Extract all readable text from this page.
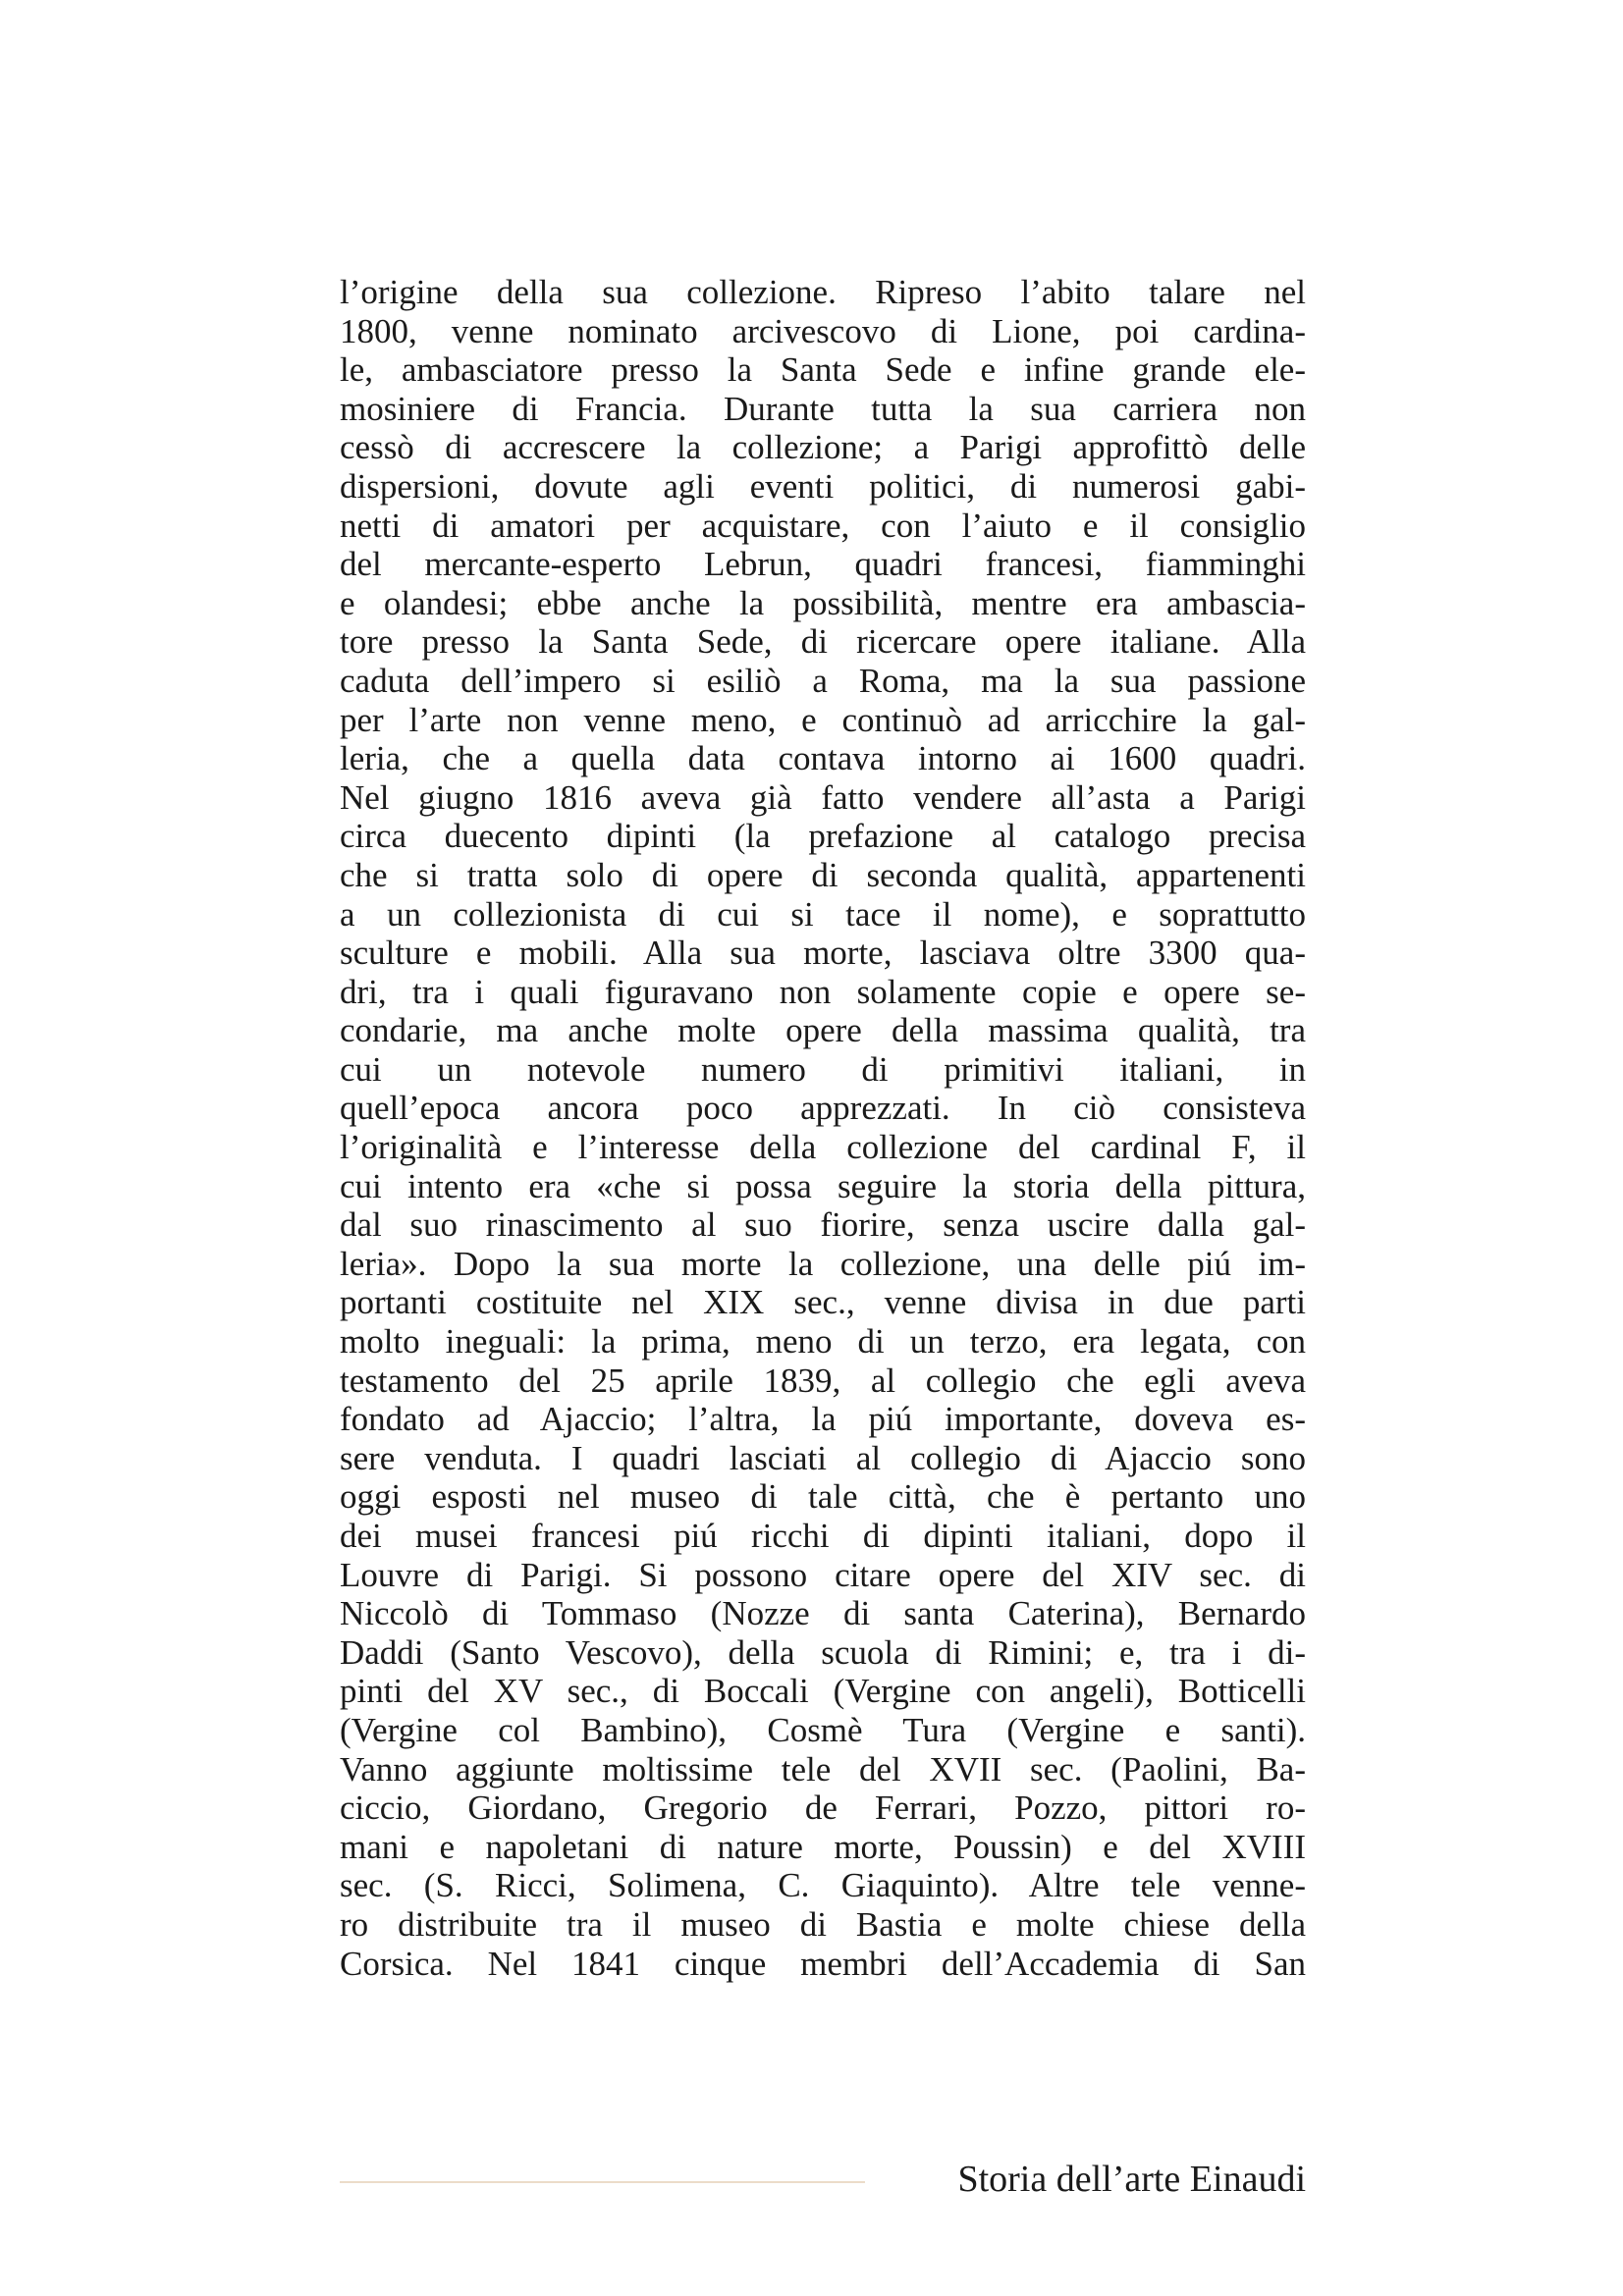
l’origine della sua collezione. Ripreso l’abito talare nel
1800, venne nominato arcivescovo di Lione, poi cardina-
le, ambasciatore presso la Santa Sede e infine grande ele-
mosiniere di Francia. Durante tutta la sua carriera non
cessò di accrescere la collezione; a Parigi approfittò delle
dispersioni, dovute agli eventi politici, di numerosi gabi-
netti di amatori per acquistare, con l’aiuto e il consiglio
del mercante-esperto Lebrun, quadri francesi, fiamminghi
e olandesi; ebbe anche la possibilità, mentre era ambascia-
tore presso la Santa Sede, di ricercare opere italiane. Alla
caduta dell’impero si esiliò a Roma, ma la sua passione
per l’arte non venne meno, e continuò ad arricchire la gal-
leria, che a quella data contava intorno ai 1600 quadri.
Nel giugno 1816 aveva già fatto vendere all’asta a Parigi
circa duecento dipinti (la prefazione al catalogo precisa
che si tratta solo di opere di seconda qualità, appartenenti
a un collezionista di cui si tace il nome), e soprattutto
sculture e mobili. Alla sua morte, lasciava oltre 3300 qua-
dri, tra i quali figuravano non solamente copie e opere se-
condarie, ma anche molte opere della massima qualità, tra
cui un notevole numero di primitivi italiani, in
quell’epoca ancora poco apprezzati. In ciò consisteva
l’originalità e l’interesse della collezione del cardinal F, il
cui intento era «che si possa seguire la storia della pittura,
dal suo rinascimento al suo fiorire, senza uscire dalla gal-
leria». Dopo la sua morte la collezione, una delle piú im-
portanti costituite nel XIX sec., venne divisa in due parti
molto ineguali: la prima, meno di un terzo, era legata, con
testamento del 25 aprile 1839, al collegio che egli aveva
fondato ad Ajaccio; l’altra, la piú importante, doveva es-
sere venduta. I quadri lasciati al collegio di Ajaccio sono
oggi esposti nel museo di tale città, che è pertanto uno
dei musei francesi piú ricchi di dipinti italiani, dopo il
Louvre di Parigi. Si possono citare opere del XIV sec. di
Niccolò di Tommaso (Nozze di santa Caterina), Bernardo
Daddi (Santo Vescovo), della scuola di Rimini; e, tra i di-
pinti del XV sec., di Boccali (Vergine con angeli), Botticelli
(Vergine col Bambino), Cosmè Tura (Vergine e santi).
Vanno aggiunte moltissime tele del XVII sec. (Paolini, Ba-
ciccio, Giordano, Gregorio de Ferrari, Pozzo, pittori ro-
mani e napoletani di nature morte, Poussin) e del XVIII
sec. (S. Ricci, Solimena, C. Giaquinto). Altre tele venne-
ro distribuite tra il museo di Bastia e molte chiese della
Corsica. Nel 1841 cinque membri dell’Accademia di San
Storia dell’arte Einaudi
